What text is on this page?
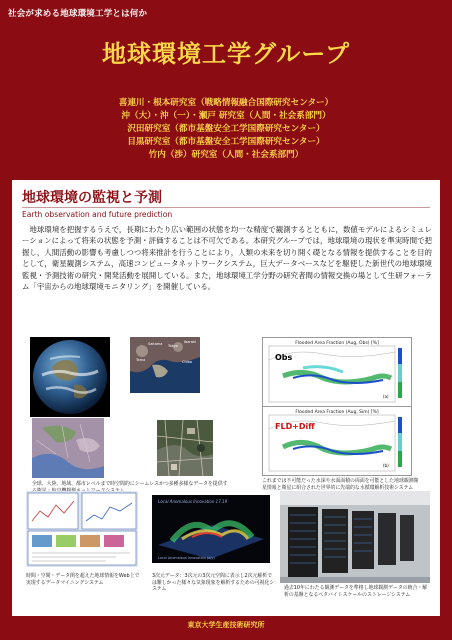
社会が求める地球環境工学とは何か
地球環境工学グループ
喜連川・根本研究室（戦略情報融合国際研究センター）
沖（大）・沖（一）・瀬戸 研究室（人間・社会系部門）
沢田研究室（都市基盤安全工学国際研究センター）
目黒研究室（都市基盤安全工学国際研究センター）
竹内（渉）研究室（人間・社会系部門）
地球環境の監視と予測
Earth observation and future prediction
地球環境を把握するうえで，長期にわたり広い範囲の状態を均一な精度で観測するとともに，数値モデルによるシミュレーションによって将来の状態を予測・評価することは不可欠である。本研究グループでは，地球環境の現状を準実時間で把握し，人間活動の影響も考慮しつつ将来推計を行うことにより，人類の未来を切り開く礎となる情報を提供することを目的として，衛星観測システム，高速コンピュータネットワークシステム，巨大データベースなどを駆使した新世代の地球環境監視・予測技術の研究・開発活動を展開している。また，地球環境工学分野の研究者間の情報交換の場として生研フォーラム「宇宙からの地球環境モニタリング」を開催している。
Tokyo
Saitama
Chiba
Tama
Ibaraki
全球、大陸、地域、都市レベルまで時空間的にシームレスかつ多種多様なデータを提供す
Flooded Area Fraction (Aug, Obs) [%]
Obs
(a)
Flooded Area Fraction (Aug, Sim) [%]
FLD+Diff
(b)
これまでは不可能だった水深や水面面積の両面を可能とした地球観測衛星情報と衛星に組合された世界的に先端的な水循環解析技術システム
Local Anomalous Innovation 17.19
Local Anomalous Innovation (d/y)
時間・空間・データ関を超えた地球情報をWeb上で実現するデータマイニングシステム
3次元データ：3次元の3次元空間に表示し2次元解析では難しかった様々な気象現象を解析するための可視化システム	過去10年にわたる観測データを準格し地球観測データの統合・解析の基盤となるペタバイトスケールのストレージシステム
東京大学生産技術研究所
